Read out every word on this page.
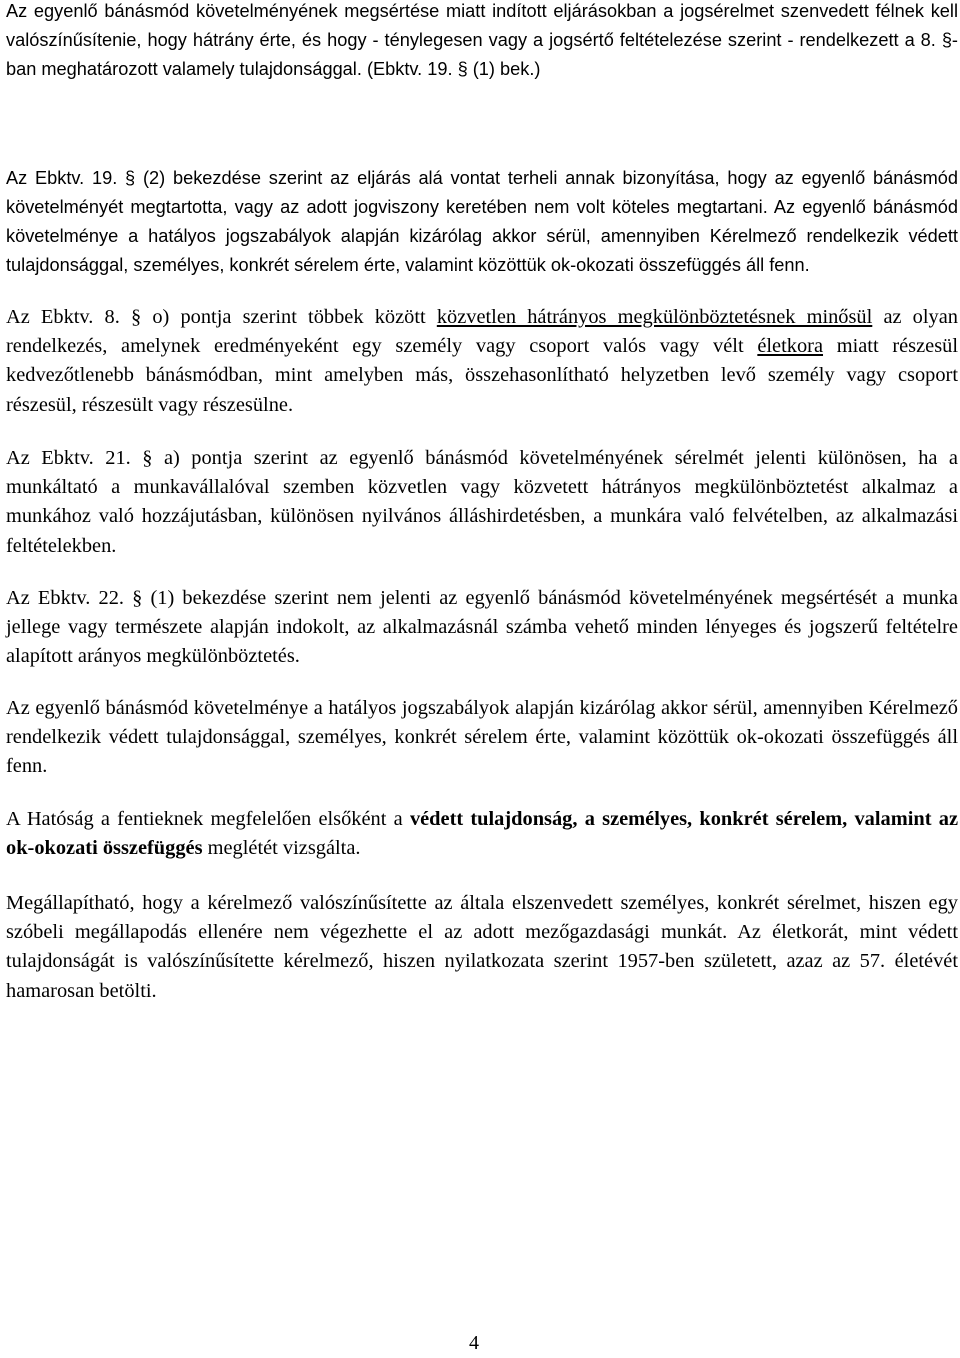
Az egyenlő bánásmód követelményének megsértése miatt indított eljárásokban a jogsérelmet szenvedett félnek kell valószínűsítenie, hogy hátrány érte, és hogy - ténylegesen vagy a jogsértő feltételezése szerint - rendelkezett a 8. §-ban meghatározott valamely tulajdonsággal. (Ebktv. 19. § (1) bek.)

Az Ebktv. 19. § (2) bekezdése szerint az eljárás alá vontat terheli annak bizonyítása, hogy az egyenlő bánásmód követelményét megtartotta, vagy az adott jogviszony keretében nem volt köteles megtartani. Az egyenlő bánásmód követelménye a hatályos jogszabályok alapján kizárólag akkor sérül, amennyiben Kérelmező rendelkezik védett tulajdonsággal, személyes, konkrét sérelem érte, valamint közöttük ok-okozati összefüggés áll fenn.

Az Ebktv. 8. § o) pontja szerint többek között közvetlen hátrányos megkülönböztetésnek minősül az olyan rendelkezés, amelynek eredményeként egy személy vagy csoport valós vagy vélt életkora miatt részesül kedvezőtlenebb bánásmódban, mint amelyben más, összehasonlítható helyzetben levő személy vagy csoport részesül, részesült vagy részesülne.

Az Ebktv. 21. § a) pontja szerint az egyenlő bánásmód követelményének sérelmét jelenti különösen, ha a munkáltató a munkavállalóval szemben közvetlen vagy közvetett hátrányos megkülönböztetést alkalmaz a munkához való hozzájutásban, különösen nyilvános álláshirdetésben, a munkára való felvételben, az alkalmazási feltételekben.

Az Ebktv. 22. § (1) bekezdése szerint nem jelenti az egyenlő bánásmód követelményének megsértését a munka jellege vagy természete alapján indokolt, az alkalmazásnál számba vehető minden lényeges és jogszerű feltételre alapított arányos megkülönböztetés.

Az egyenlő bánásmód követelménye a hatályos jogszabályok alapján kizárólag akkor sérül, amennyiben Kérelmező rendelkezik védett tulajdonsággal, személyes, konkrét sérelem érte, valamint közöttük ok-okozati összefüggés áll fenn.

A Hatóság a fentieknek megfelelően elsőként a védett tulajdonság, a személyes, konkrét sérelem, valamint az ok-okozati összefüggés meglétét vizsgálta.

Megállapítható, hogy a kérelmező valószínűsítette az általa elszenvedett személyes, konkrét sérelmet, hiszen egy szóbeli megállapodás ellenére nem végezhette el az adott mezőgazdasági munkát. Az életkorát, mint védett tulajdonságát is valószínűsítette kérelmező, hiszen nyilatkozata szerint 1957-ben született, azaz az 57. életévét hamarosan betölti.

4
